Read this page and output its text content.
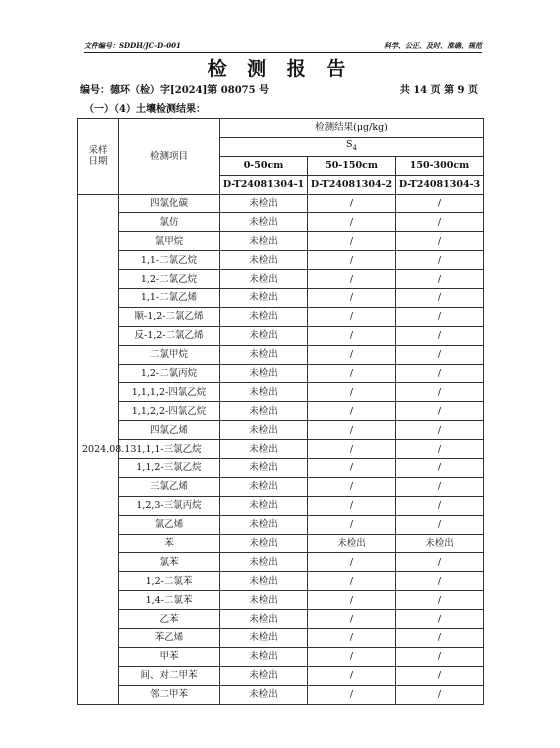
文件编号：SDDH/JC-D-001	科学、公正、及时、准确、规范
检 测 报 告
编号：德环（检）字[2024]第 08075 号	共 14 页 第 9 页
（一）（4）土壤检测结果：
采样日期	检测项目	检测结果(μg/kg)		
		$S_4$
		0-50cm	50-150cm	150-300cm
		D-T24081304-1	D-T24081304-2	D-T24081304-3
2024.08.13	四氯化碳	未检出	/	/
	氯仿	未检出	/	/
	氯甲烷	未检出	/	/
	1,1-二氯乙烷	未检出	/	/
	1,2-二氯乙烷	未检出	/	/
	1,1-二氯乙烯	未检出	/	/
	顺-1,2-二氯乙烯	未检出	/	/
	反-1,2-二氯乙烯	未检出	/	/
	二氯甲烷	未检出	/	/
	1,2-二氯丙烷	未检出	/	/
	1,1,1,2-四氯乙烷	未检出	/	/
	1,1,2,2-四氯乙烷	未检出	/	/
	四氯乙烯	未检出	/	/
	1,1,1-三氯乙烷	未检出	/	/
	1,1,2-三氯乙烷	未检出	/	/
	三氯乙烯	未检出	/	/
	1,2,3-三氯丙烷	未检出	/	/
	氯乙烯	未检出	/	/
	苯	未检出	未检出	未检出
	氯苯	未检出	/	/
	1,2-二氯苯	未检出	/	/
	1,4-二氯苯	未检出	/	/
	乙苯	未检出	/	/
	苯乙烯	未检出	/	/
	甲苯	未检出	/	/
	间、对二甲苯	未检出	/	/
	邻二甲苯	未检出	/	/
